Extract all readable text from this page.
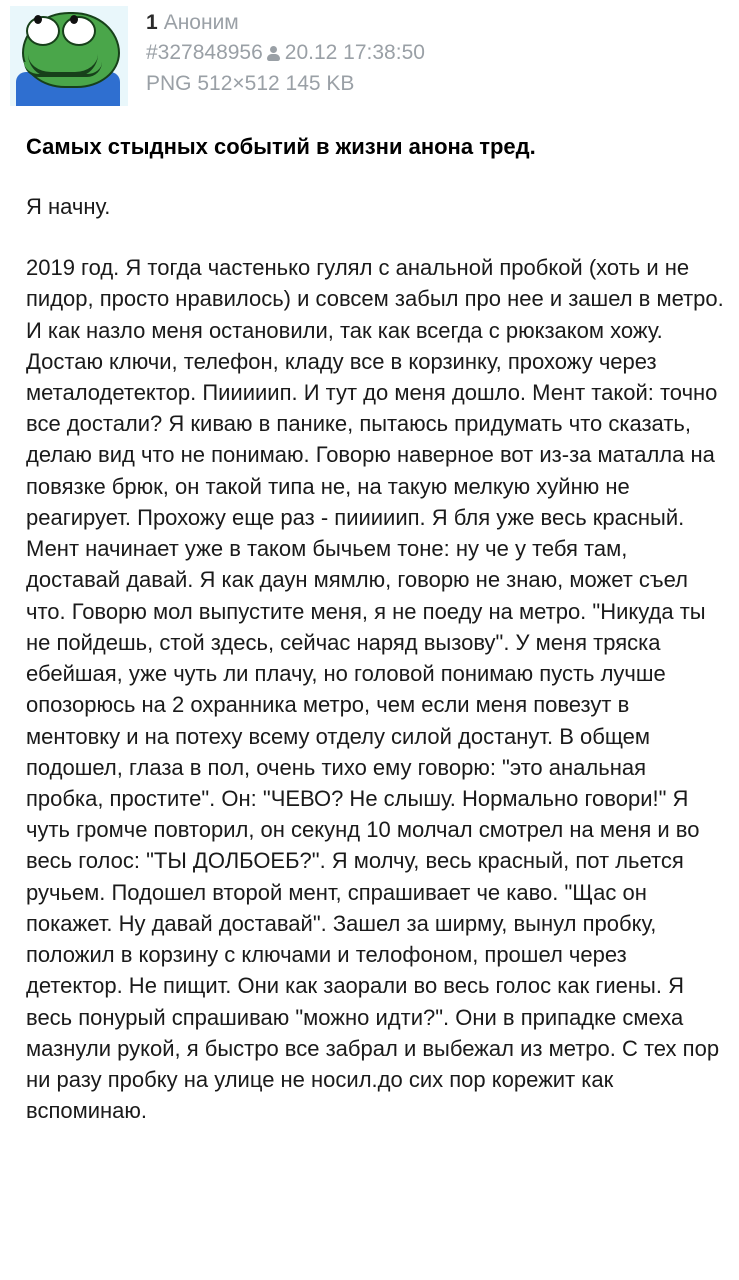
1 Аноним
#327848956 20.12 17:38:50
PNG 512×512 145 KB
Самых стыдных событий в жизни анона тред.
Я начну.
2019 год. Я тогда частенько гулял с анальной пробкой (хоть и не пидор, просто нравилось) и совсем забыл про нее и зашел в метро. И как назло меня остановили, так как всегда с рюкзаком хожу. Достаю ключи, телефон, кладу все в корзинку, прохожу через металодетектор. Пииииип. И тут до меня дошло. Мент такой: точно все достали? Я киваю в панике, пытаюсь придумать что сказать, делаю вид что не понимаю. Говорю наверное вот из-за маталла на повязке брюк, он такой типа не, на такую мелкую хуйню не реагирует. Прохожу еще раз - пииииип. Я бля уже весь красный. Мент начинает уже в таком бычьем тоне: ну че у тебя там, доставай давай. Я как даун мямлю, говорю не знаю, может съел что. Говорю мол выпустите меня, я не поеду на метро. "Никуда ты не пойдешь, стой здесь, сейчас наряд вызову". У меня тряска ебейшая, уже чуть ли плачу, но головой понимаю пусть лучше опозорюсь на 2 охранника метро, чем если меня повезут в ментовку и на потеху всему отделу силой достанут. В общем подошел, глаза в пол, очень тихо ему говорю: "это анальная пробка, простите". Он: "ЧЕВО? Не слышу. Нормально говори!" Я чуть громче повторил, он секунд 10 молчал смотрел на меня и во весь голос: "ТЫ ДОЛБОЕБ?". Я молчу, весь красный, пот льется ручьем. Подошел второй мент, спрашивает че каво. "Щас он покажет. Ну давай доставай". Зашел за ширму, вынул пробку, положил в корзину с ключами и телофоном, прошел через детектор. Не пищит. Они как заорали во весь голос как гиены. Я весь понурый спрашиваю "можно идти?". Они в припадке смеха мазнули рукой, я быстро все забрал и выбежал из метро. С тех пор ни разу пробку на улице не носил.до сих пор корежит как вспоминаю.
